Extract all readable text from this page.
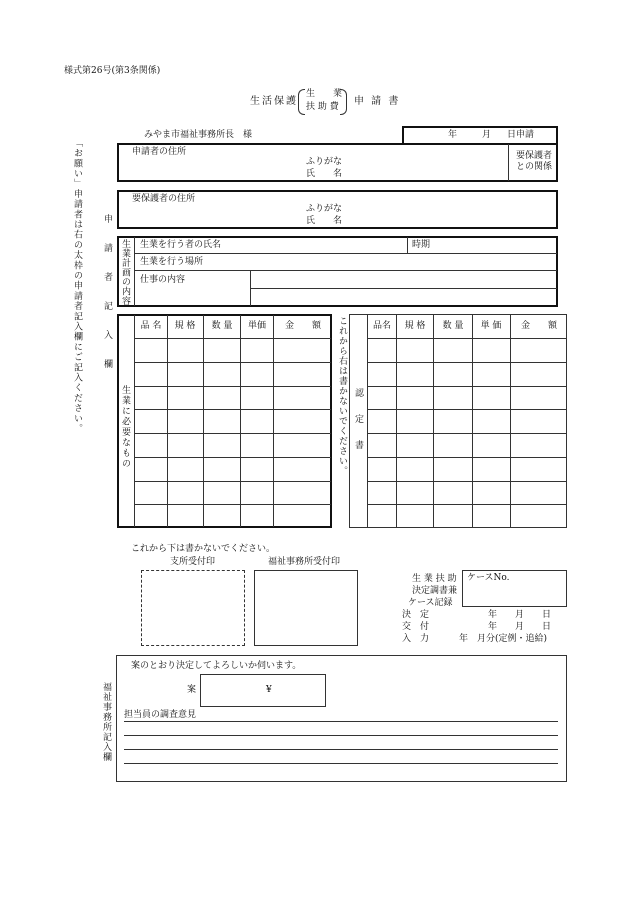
様式第26号(第3条関係)
生活保護
生　　業
扶 助 費 申 請 書
「お願い」申請者は右の太枠の申請者記入欄にご記入ください。
みやま市福祉事務所長　様	年	月 日申請
申請者の住所
ふりがな
氏　　名
要保護者
との関係
要保護者の住所
ふりがな
氏　　名
申請者記入欄 生業計画の内容 生業を行う者の氏名	時期
生業を行う場所
仕事の内容
生業に必要なもの
品 名 規 格 数 量 単価 金　　額 これから右は書かないでください。 認　定　書
品名 規 格 数 量 単 価 金　　額
これから下は書かないでください。
支所受付印	福祉事務所受付印
生 業 扶 助
決定調書兼
ケース記録
ケースNo.
決　定	年　　月　　日
交　付	年　　月　　日
入　力	年　月分(定例・追給)
福祉事務所記入欄
案のとおり決定してよろしいか伺います。
案	¥
担当員の調査意見
